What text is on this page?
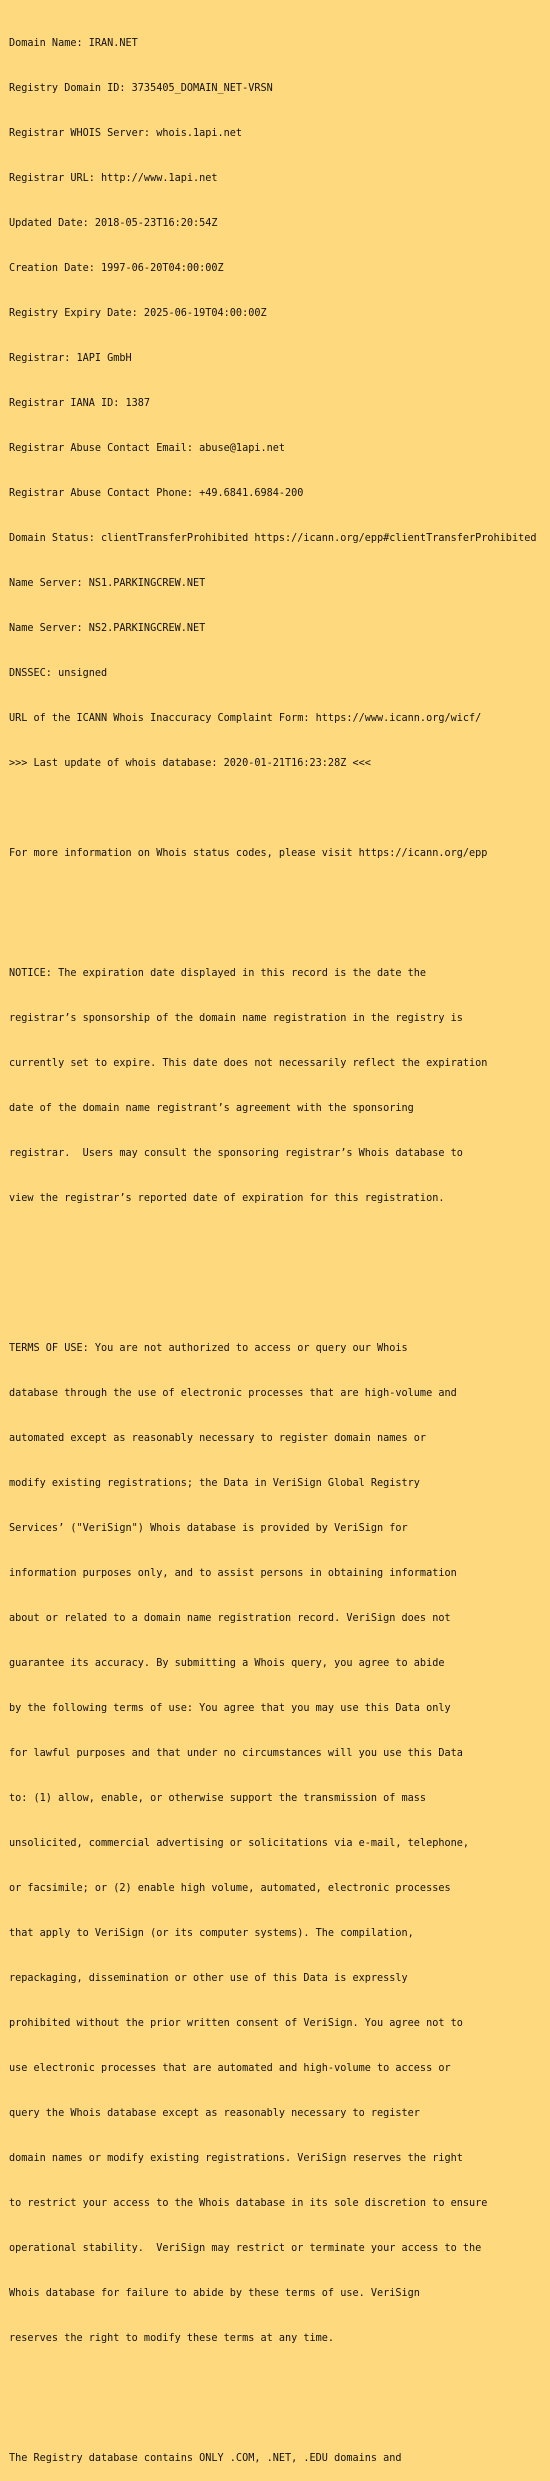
Domain Name: IRAN.NET

Registry Domain ID: 3735405_DOMAIN_NET-VRSN

Registrar WHOIS Server: whois.1api.net

Registrar URL: http://www.1api.net

Updated Date: 2018-05-23T16:20:54Z

Creation Date: 1997-06-20T04:00:00Z

Registry Expiry Date: 2025-06-19T04:00:00Z

Registrar: 1API GmbH

Registrar IANA ID: 1387

Registrar Abuse Contact Email: abuse@1api.net

Registrar Abuse Contact Phone: +49.6841.6984-200

Domain Status: clientTransferProhibited https://icann.org/epp#clientTransferProhibited

Name Server: NS1.PARKINGCREW.NET

Name Server: NS2.PARKINGCREW.NET

DNSSEC: unsigned

URL of the ICANN Whois Inaccuracy Complaint Form: https://www.icann.org/wicf/

>>> Last update of whois database: 2020-01-21T16:23:28Z <<<

For more information on Whois status codes, please visit https://icann.org/epp

NOTICE: The expiration date displayed in this record is the date the

registrar’s sponsorship of the domain name registration in the registry is

currently set to expire. This date does not necessarily reflect the expiration

date of the domain name registrant’s agreement with the sponsoring

registrar.  Users may consult the sponsoring registrar’s Whois database to

view the registrar’s reported date of expiration for this registration.

TERMS OF USE: You are not authorized to access or query our Whois

database through the use of electronic processes that are high-volume and

automated except as reasonably necessary to register domain names or

modify existing registrations; the Data in VeriSign Global Registry

Services’ ("VeriSign") Whois database is provided by VeriSign for

information purposes only, and to assist persons in obtaining information

about or related to a domain name registration record. VeriSign does not

guarantee its accuracy. By submitting a Whois query, you agree to abide

by the following terms of use: You agree that you may use this Data only

for lawful purposes and that under no circumstances will you use this Data

to: (1) allow, enable, or otherwise support the transmission of mass

unsolicited, commercial advertising or solicitations via e-mail, telephone,

or facsimile; or (2) enable high volume, automated, electronic processes

that apply to VeriSign (or its computer systems). The compilation,

repackaging, dissemination or other use of this Data is expressly

prohibited without the prior written consent of VeriSign. You agree not to

use electronic processes that are automated and high-volume to access or

query the Whois database except as reasonably necessary to register

domain names or modify existing registrations. VeriSign reserves the right

to restrict your access to the Whois database in its sole discretion to ensure

operational stability.  VeriSign may restrict or terminate your access to the

Whois database for failure to abide by these terms of use. VeriSign

reserves the right to modify these terms at any time.

The Registry database contains ONLY .COM, .NET, .EDU domains and
